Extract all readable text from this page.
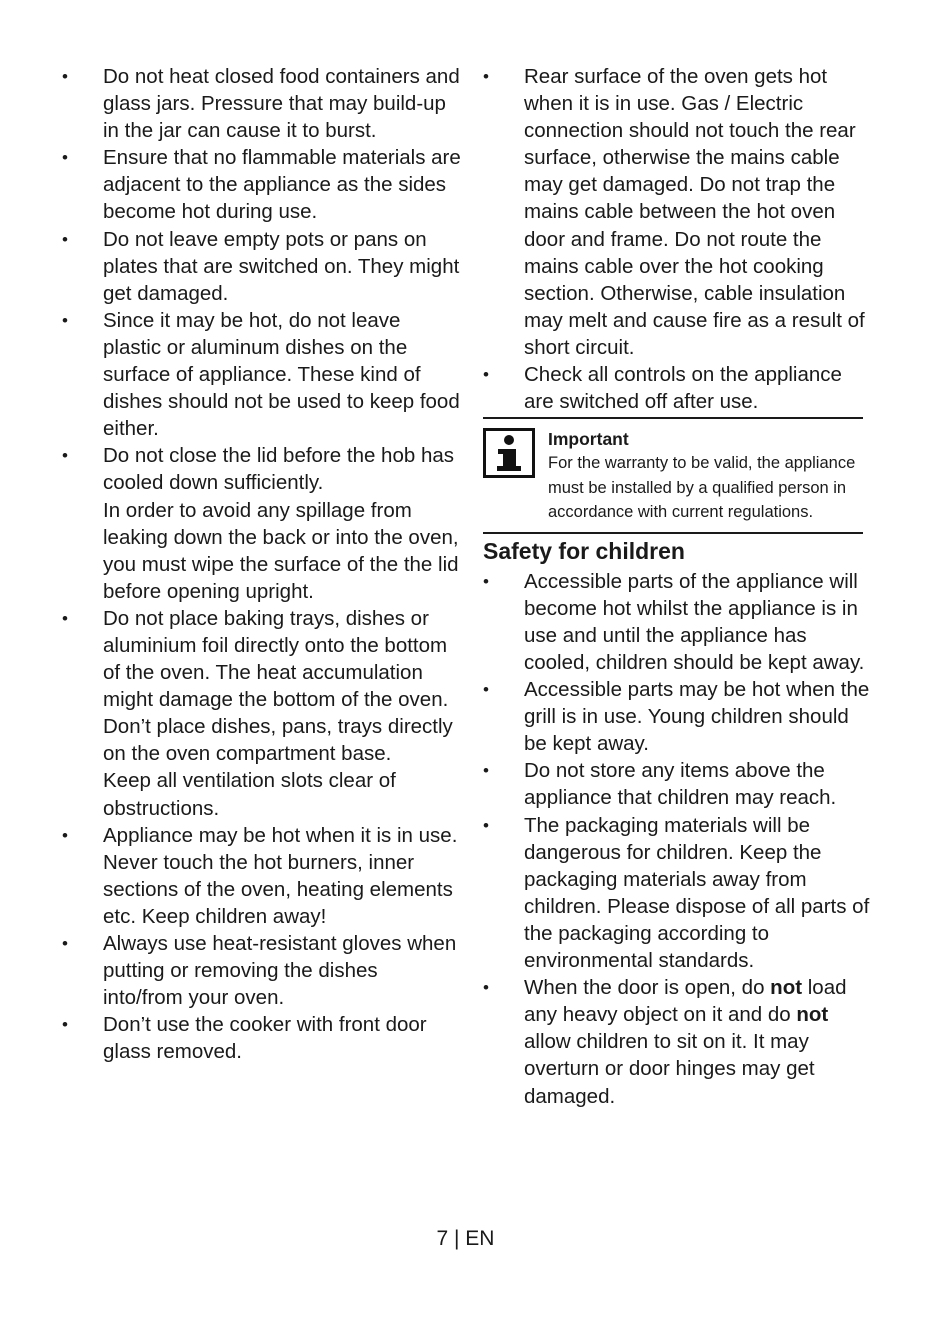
• Do not heat closed food containers and glass jars. Pressure that may build-up in the jar can cause it to burst.
• Ensure that no flammable materials are adjacent to the appliance as the sides become hot during use.
• Do not leave empty pots or pans on plates that are switched on. They might get damaged.
• Since it may be hot, do not leave plastic or aluminum dishes on the surface of appliance. These kind of dishes should not be used to keep food either.
• Do not close the lid before the hob has cooled down sufficiently.
In order to avoid any spillage from leaking down the back or into the oven, you must wipe the surface of the the lid before opening upright.
• Do not place baking trays, dishes or aluminium foil directly onto the bottom of the oven. The heat accumulation might damage the bottom of the oven.
Don’t place dishes, pans, trays directly on the oven compartment base.
Keep all ventilation slots clear of obstructions.
• Appliance may be hot when it is in use. Never touch the hot burners, inner sections of the oven, heating elements etc. Keep children away!
• Always use heat-resistant gloves when putting or removing the dishes into/from your oven.
• Don’t use the cooker with front door glass removed.
• Rear surface of the oven gets hot when it is in use. Gas / Electric connection should not touch the rear surface, otherwise the mains cable may get damaged. Do not trap the mains cable between the hot oven door and frame. Do not route the mains cable over the hot cooking section. Otherwise, cable insulation may melt and cause fire as a result of short circuit.
• Check all controls on the appliance are switched off after use.
Important
For the warranty to be valid, the appliance must be installed by a qualified person in accordance with current regulations.
Safety for children
• Accessible parts of the appliance will become hot whilst the appliance is in use and until the appliance has cooled, children should be kept away.
• Accessible parts may be hot when the grill is in use. Young children should be kept away.
• Do not store any items above the appliance that children may reach.
• The packaging materials will be dangerous for children. Keep the packaging materials away from children. Please dispose of all parts of the packaging according to environmental standards.
• When the door is open, do not load any heavy object on it and do not allow children to sit on it. It may overturn or door hinges may get damaged.
7 | EN
